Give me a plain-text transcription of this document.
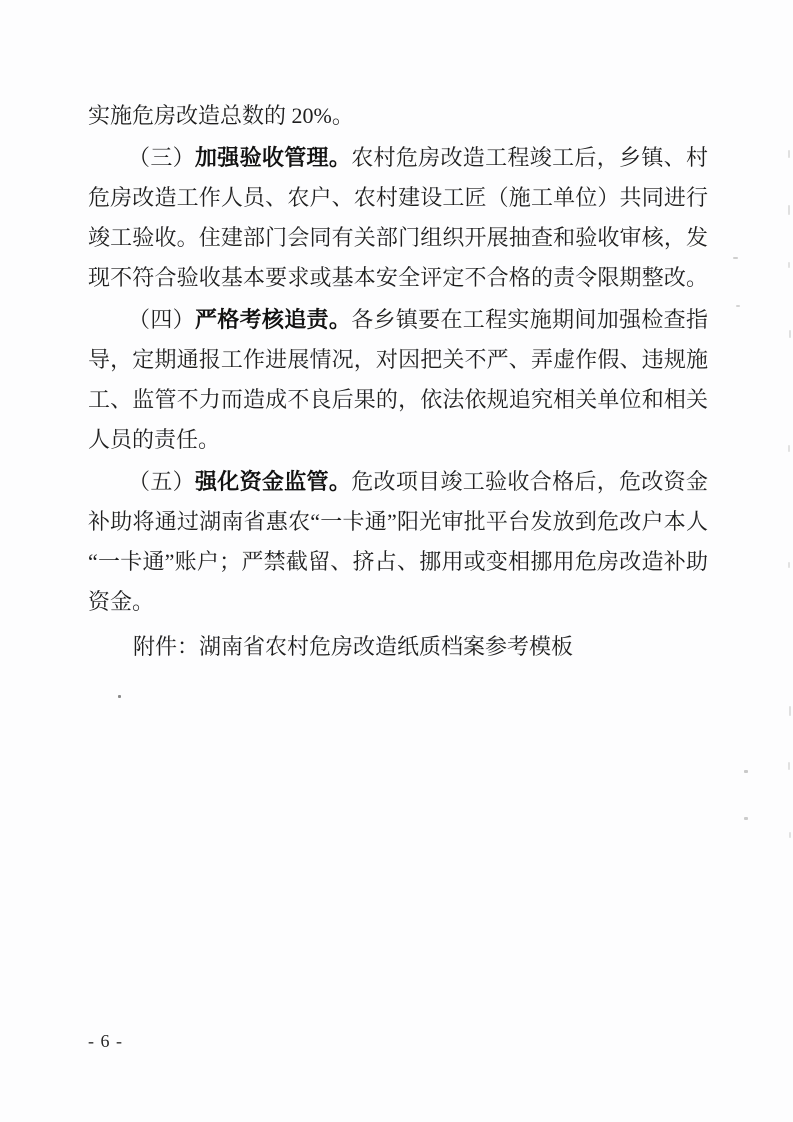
实施危房改造总数的 20%。
（三）加强验收管理。农村危房改造工程竣工后，乡镇、村
危房改造工作人员、农户、农村建设工匠（施工单位）共同进行
竣工验收。住建部门会同有关部门组织开展抽查和验收审核，发
现不符合验收基本要求或基本安全评定不合格的责令限期整改。
（四）严格考核追责。各乡镇要在工程实施期间加强检查指
导，定期通报工作进展情况，对因把关不严、弄虚作假、违规施
工、监管不力而造成不良后果的，依法依规追究相关单位和相关
人员的责任。
（五）强化资金监管。危改项目竣工验收合格后，危改资金
补助将通过湖南省惠农“一卡通”阳光审批平台发放到危改户本人
“一卡通”账户；严禁截留、挤占、挪用或变相挪用危房改造补助
资金。
附件：湖南省农村危房改造纸质档案参考模板
- 6 -
